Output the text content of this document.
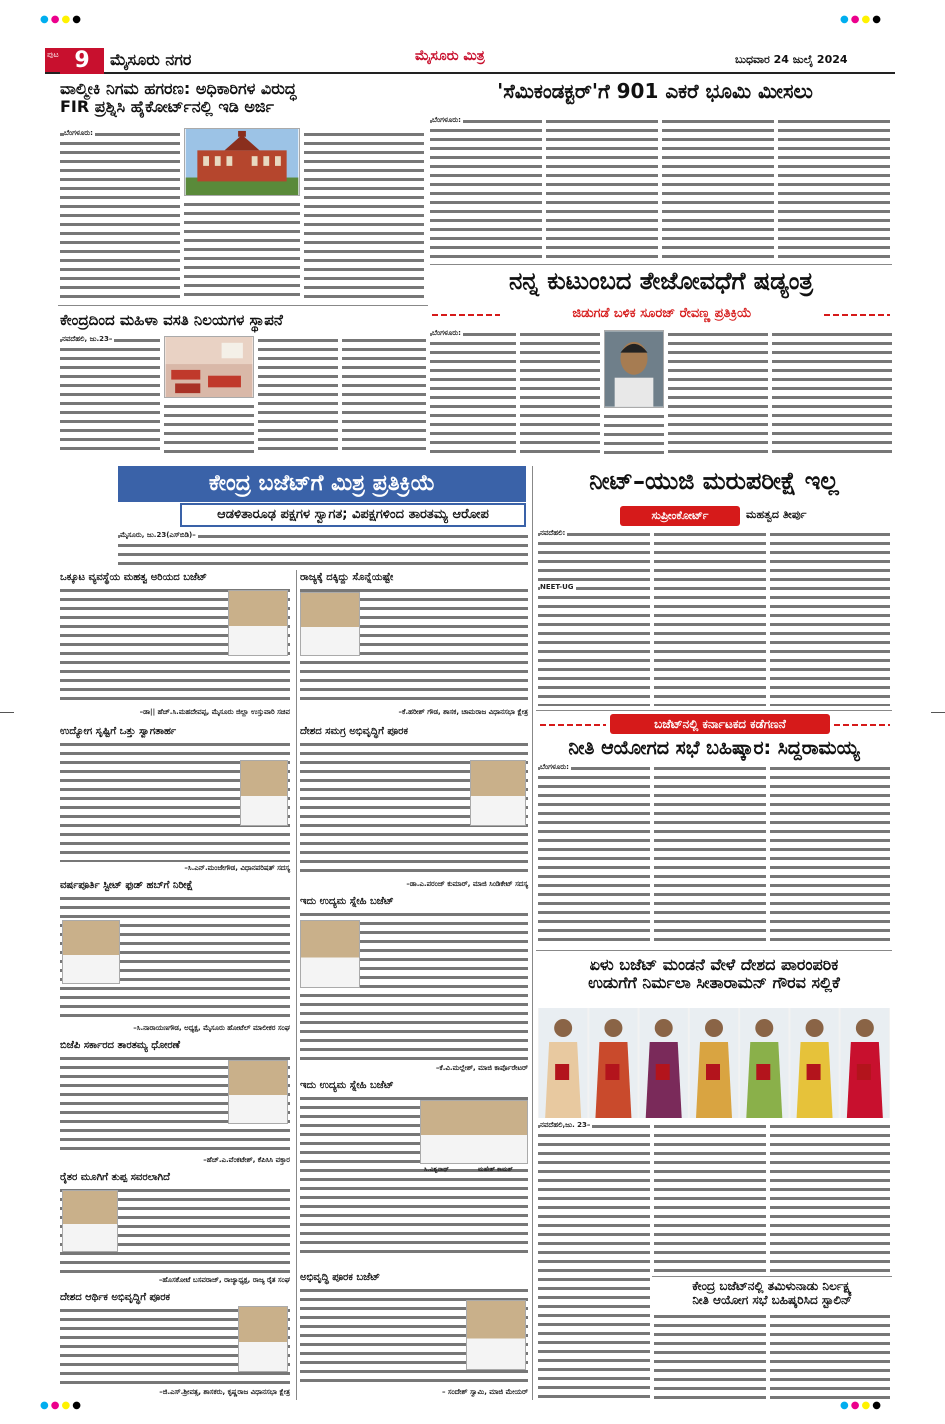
●●●●	●●●●
●●●●	●●●●
ಪುಟ 9	ಮೈಸೂರು ನಗರ	ಮೈಸೂರು ಮಿತ್ರ	ಬುಧವಾರ 24 ಜುಲೈ 2024
ವಾಲ್ಮೀಕಿ ನಿಗಮ ಹಗರಣ: ಅಧಿಕಾರಿಗಳ ವಿರುದ್ಧ
FIR ಪ್ರಶ್ನಿಸಿ ಹೈಕೋರ್ಟ್‌ನಲ್ಲಿ ಇಡಿ ಅರ್ಜಿ
ಬೆಂಗಳೂರು:
'ಸೆಮಿಕಂಡಕ್ಟರ್'ಗೆ 901 ಎಕರೆ ಭೂಮಿ ಮೀಸಲು
ಬೆಂಗಳೂರು:
ಕೇಂದ್ರದಿಂದ ಮಹಿಳಾ ವಸತಿ ನಿಲಯಗಳ ಸ್ಥಾಪನೆ
ನವದೆಹಲಿ, ಜು.23–
ನನ್ನ ಕುಟುಂಬದ ತೇಜೋವಧೆಗೆ ಷಡ್ಯಂತ್ರ
ಜಿಡುಗಡೆ ಬಳಿಕ ಸೂರಜ್ ರೇವಣ್ಣ ಪ್ರತಿಕ್ರಿಯೆ
ಬೆಂಗಳೂರು:
ಕೇಂದ್ರ ಬಜೆಟ್‌ಗೆ ಮಿಶ್ರ ಪ್ರತಿಕ್ರಿಯೆ
ಆಡಳಿತಾರೂಢ ಪಕ್ಷಗಳ ಸ್ವಾಗತ; ವಿಪಕ್ಷಗಳಿಂದ ತಾರತಮ್ಯ ಆರೋಪ
ಮೈಸೂರು, ಜು.23(ಎಸ್‌ಬಿಡಿ)–
ಒಕ್ಕೂಟ ವ್ಯವಸ್ಥೆಯ ಮಹತ್ವ ಅರಿಯದ ಬಜೆಟ್
–ಡಾ|| ಹೆಚ್.ಸಿ.ಮಹದೇವಪ್ಪ, ಮೈಸೂರು ಜಿಲ್ಲಾ ಉಸ್ತುವಾರಿ ಸಚಿವ
ಉದ್ಯೋಗ ಸೃಷ್ಟಿಗೆ ಒತ್ತು ಸ್ವಾಗತಾರ್ಹ
–ಸಿ.ಎನ್.ಮಂಜೇಗೌಡ, ವಿಧಾನಪರಿಷತ್ ಸದಸ್ಯ
ವರ್ಷಪೂರ್ತಿ ಸ್ಟೀಟ್ ಫುಡ್ ಹಬ್‌ಗೆ ನಿರೀಕ್ಷೆ
–ಸಿ.ನಾರಾಯಣಗೌಡ, ಅಧ್ಯಕ್ಷ, ಮೈಸೂರು ಹೋಟೆಲ್ ಮಾಲೀಕರ ಸಂಘ
ಬಿಜೆಪಿ ಸರ್ಕಾರದ ತಾರತಮ್ಯ ಧೋರಣೆ
–ಹೆಚ್.ಎ.ವೆಂಕಟೇಶ್, ಕೆಪಿಸಿಸಿ ವಕ್ತಾರ
ರೈತರ ಮೂಗಿಗೆ ತುಪ್ಪ ಸವರಲಾಗಿದೆ
–ಹೊಸಕೋಟೆ ಬಸವರಾಜ್, ರಾಜ್ಯಾಧ್ಯಕ್ಷ, ರಾಜ್ಯ ರೈತ ಸಂಘ
ದೇಶದ ಆರ್ಥಿಕ ಅಭಿವೃದ್ಧಿಗೆ ಪೂರಕ
–ಜಿ.ಎಸ್.ಶ್ರೀವತ್ಸ, ಶಾಸಕರು, ಕೃಷ್ಣರಾಜ ವಿಧಾನಸಭಾ ಕ್ಷೇತ್ರ
ರಾಜ್ಯಕ್ಕೆ ದಕ್ಕಿದ್ದು ಸೊನ್ನೆಯಷ್ಟೇ
–ಕೆ.ಹರೀಶ್ ಗೌಡ, ಶಾಸಕ, ಚಾಮರಾಜ ವಿಧಾನಸಭಾ ಕ್ಷೇತ್ರ
ದೇಶದ ಸಮಗ್ರ ಅಭಿವೃದ್ಧಿಗೆ ಪೂರಕ
–ಡಾ.ಎ.ಪರಂಜ್ ಕುಮಾರ್, ಮಾಜಿ ಸಿಂಡಿಕೇಟ್ ಸದಸ್ಯ
ಇದು ಉದ್ಯಮ ಸ್ನೇಹಿ ಬಜೆಟ್
–ಕೆ.ವಿ.ಮಲ್ಲೇಶ್, ಮಾಜಿ ಕಾರ್ಪೊರೇಟರ್
ಇದು ಉದ್ಯಮ ಸ್ನೇಹಿ ಬಜೆಟ್
ಅಭಿವೃದ್ಧಿ ಪೂರಕ ಬಜೆಟ್
– ಸಂದೇಶ್ ಸ್ವಾಮಿ, ಮಾಜಿ ಮೇಯರ್
ನೀಟ್–ಯುಜಿ ಮರುಪರೀಕ್ಷೆ ಇಲ್ಲ
ಸುಪ್ರೀಂಕೋರ್ಟ್	ಮಹತ್ವದ ತೀರ್ಪು
ನವದೆಹಲಿ:
NEET-UG
ಬಜೆಟ್‌ನಲ್ಲಿ ಕರ್ನಾಟಕದ ಕಡೆಗಣನೆ
ನೀತಿ ಆಯೋಗದ ಸಭೆ ಬಹಿಷ್ಕಾರ: ಸಿದ್ದರಾಮಯ್ಯ
ಬೆಂಗಳೂರು:
ಏಳು ಬಜೆಟ್ ಮಂಡನೆ ವೇಳೆ ದೇಶದ ಪಾರಂಪರಿಕ
ಉಡುಗೆಗೆ ನಿರ್ಮಲಾ ಸೀತಾರಾಮನ್ ಗೌರವ ಸಲ್ಲಿಕೆ
ನವದೆಹಲಿ,ಜು. 23–
ಕೇಂದ್ರ ಬಜೆಟ್‌ನಲ್ಲಿ ತಮಿಳುನಾಡು ನಿರ್ಲಕ್ಷ್ಯ
ನೀತಿ ಆಯೋಗ ಸಭೆ ಬಹಿಷ್ಕರಿಸಿದ ಸ್ಟಾಲಿನ್
ಸಿ.ವಿಶ್ವನಾಥ್	ಮಹೇಶ್ ಕಾಮತ್
